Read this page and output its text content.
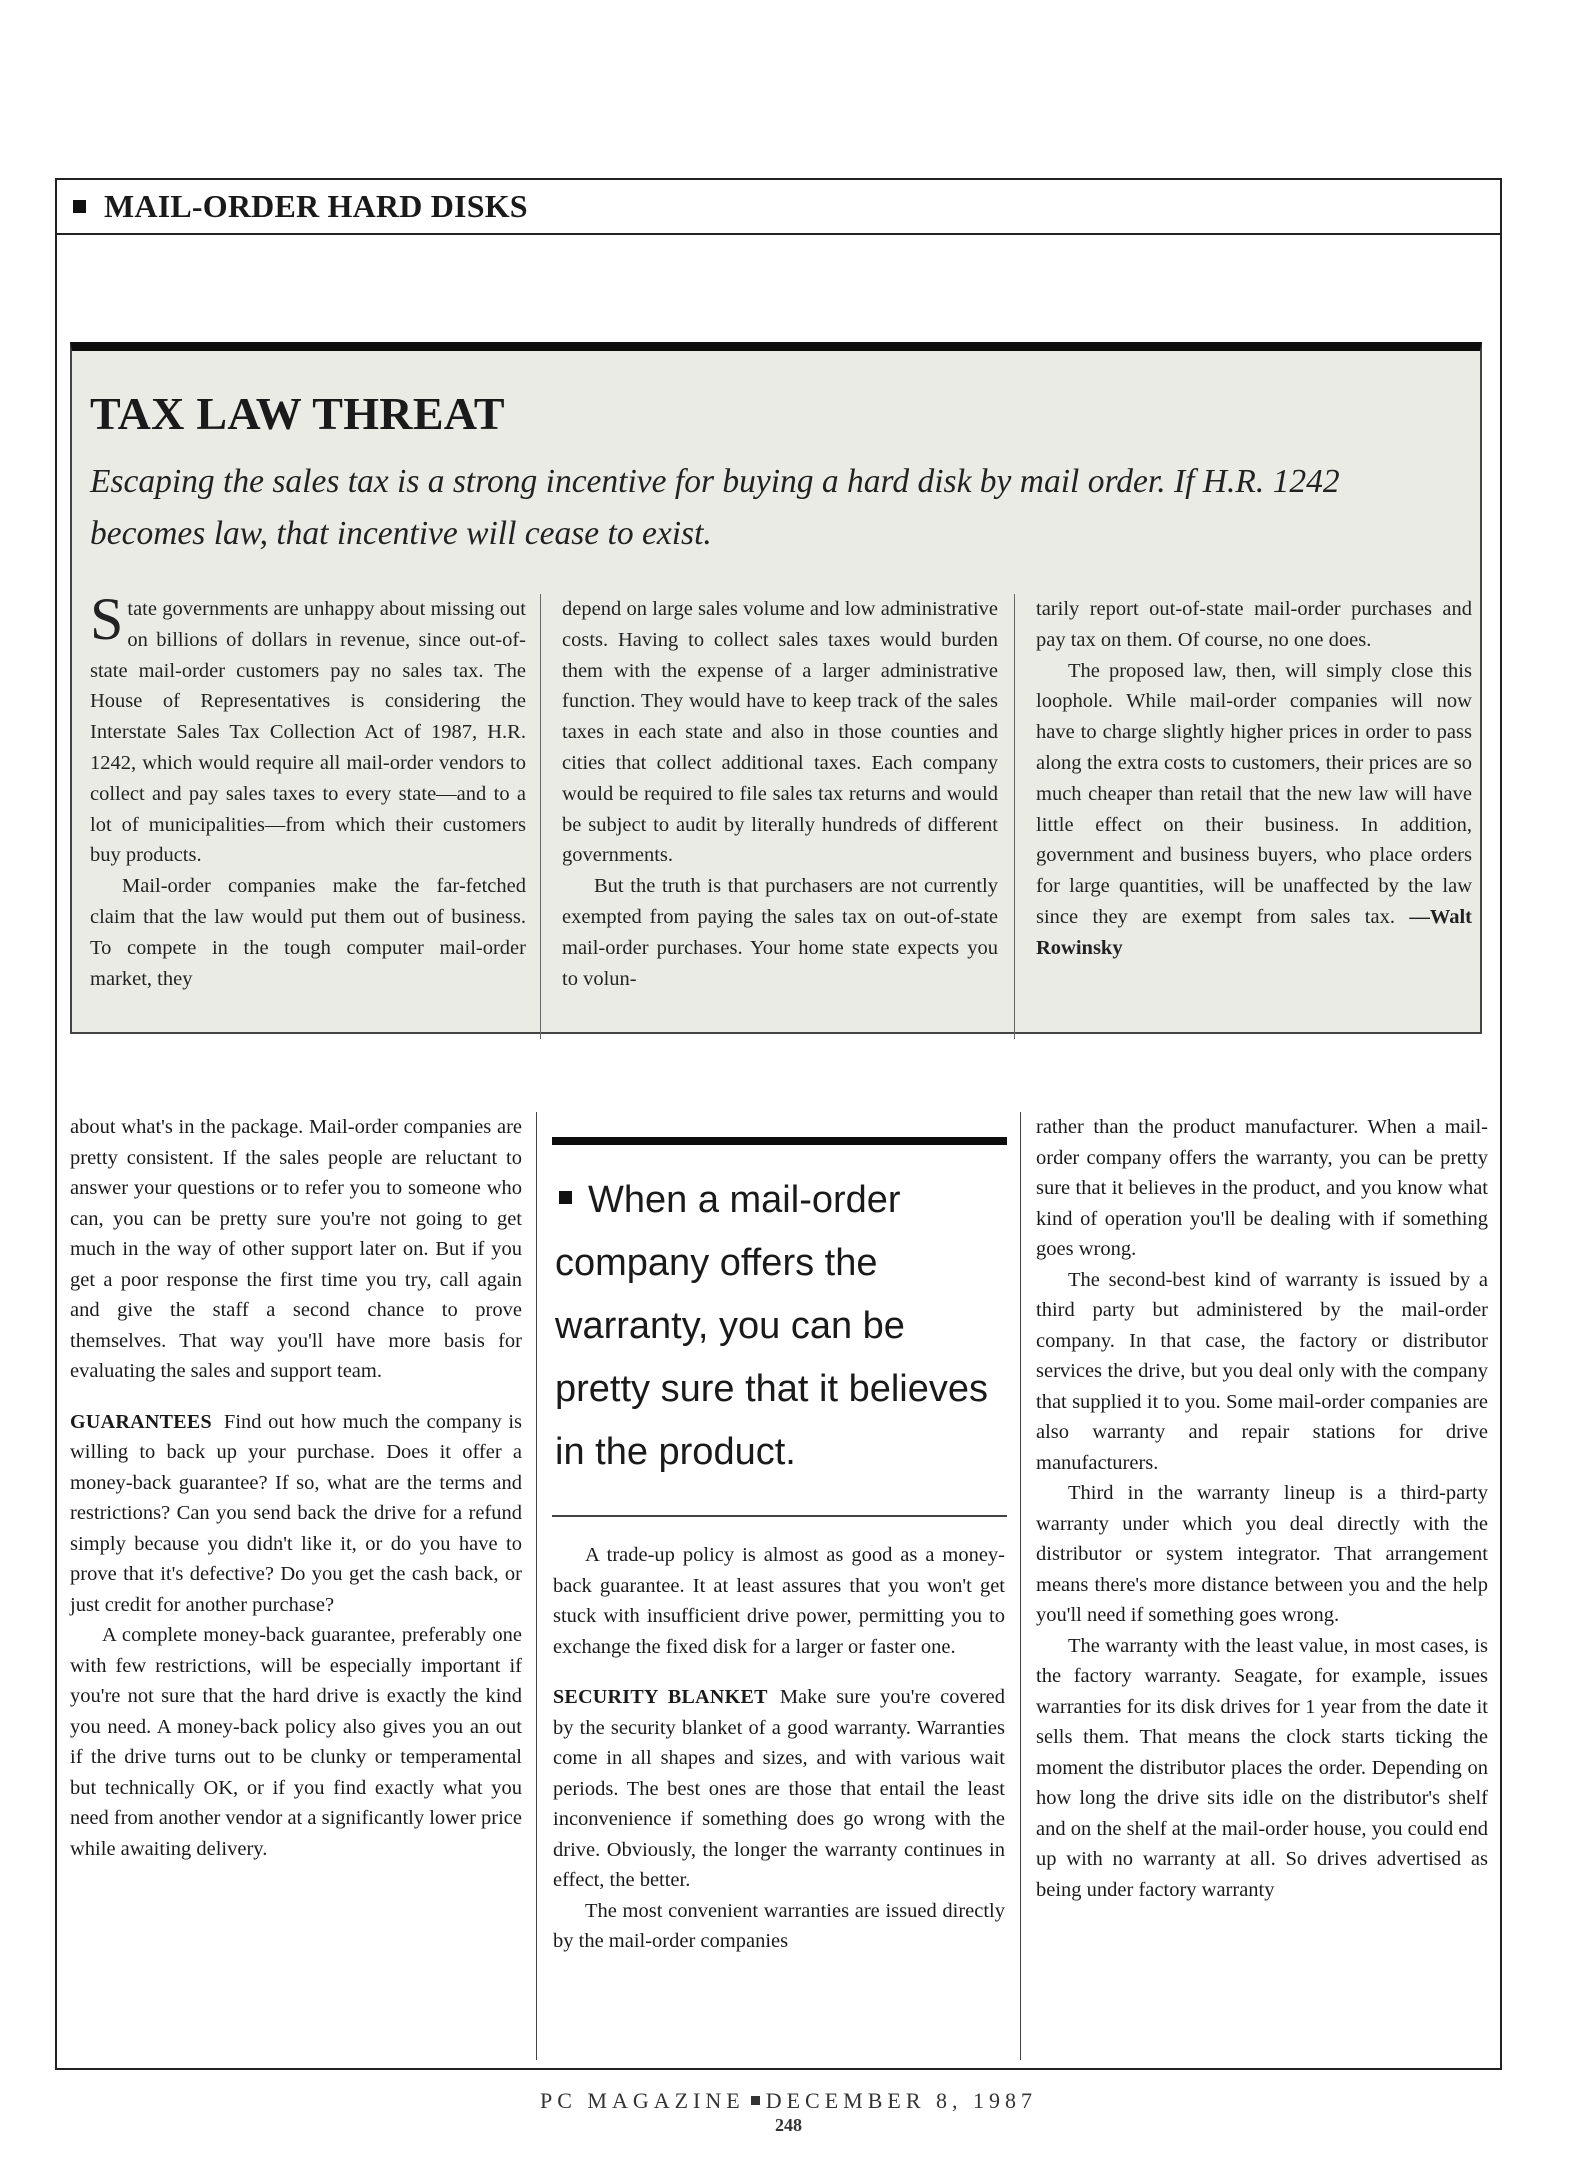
MAIL-ORDER HARD DISKS
TAX LAW THREAT
Escaping the sales tax is a strong incentive for buying a hard disk by mail order. If H.R. 1242 becomes law, that incentive will cease to exist.

State governments are unhappy about missing out on billions of dollars in revenue, since out-of-state mail-order customers pay no sales tax. The House of Representatives is considering the Interstate Sales Tax Collection Act of 1987, H.R. 1242, which would require all mail-order vendors to collect and pay sales taxes to every state—and to a lot of municipalities—from which their customers buy products.

Mail-order companies make the far-fetched claim that the law would put them out of business. To compete in the tough computer mail-order market, they

depend on large sales volume and low administrative costs. Having to collect sales taxes would burden them with the expense of a larger administrative function. They would have to keep track of the sales taxes in each state and also in those counties and cities that collect additional taxes. Each company would be required to file sales tax returns and would be subject to audit by literally hundreds of different governments.

But the truth is that purchasers are not currently exempted from paying the sales tax on out-of-state mail-order purchases. Your home state expects you to volun-

tarily report out-of-state mail-order purchases and pay tax on them. Of course, no one does.

The proposed law, then, will simply close this loophole. While mail-order companies will now have to charge slightly higher prices in order to pass along the extra costs to customers, their prices are so much cheaper than retail that the new law will have little effect on their business. In addition, government and business buyers, who place orders for large quantities, will be unaffected by the law since they are exempt from sales tax. —Walt Rowinsky

about what's in the package. Mail-order companies are pretty consistent. If the sales people are reluctant to answer your questions or to refer you to someone who can, you can be pretty sure you're not going to get much in the way of other support later on. But if you get a poor response the first time you try, call again and give the staff a second chance to prove themselves. That way you'll have more basis for evaluating the sales and support team.

GUARANTEES Find out how much the company is willing to back up your purchase. Does it offer a money-back guarantee? If so, what are the terms and restrictions? Can you send back the drive for a refund simply because you didn't like it, or do you have to prove that it's defective? Do you get the cash back, or just credit for another purchase?

A complete money-back guarantee, preferably one with few restrictions, will be especially important if you're not sure that the hard drive is exactly the kind you need. A money-back policy also gives you an out if the drive turns out to be clunky or temperamental but technically OK, or if you find exactly what you need from another vendor at a significantly lower price while awaiting delivery.

When a mail-order company offers the warranty, you can be pretty sure that it believes in the product.

A trade-up policy is almost as good as a money-back guarantee. It at least assures that you won't get stuck with insufficient drive power, permitting you to exchange the fixed disk for a larger or faster one.

SECURITY BLANKET Make sure you're covered by the security blanket of a good warranty. Warranties come in all shapes and sizes, and with various wait periods. The best ones are those that entail the least inconvenience if something does go wrong with the drive. Obviously, the longer the warranty continues in effect, the better.

The most convenient warranties are issued directly by the mail-order companies

rather than the product manufacturer. When a mail-order company offers the warranty, you can be pretty sure that it believes in the product, and you know what kind of operation you'll be dealing with if something goes wrong.

The second-best kind of warranty is issued by a third party but administered by the mail-order company. In that case, the factory or distributor services the drive, but you deal only with the company that supplied it to you. Some mail-order companies are also warranty and repair stations for drive manufacturers.

Third in the warranty lineup is a third-party warranty under which you deal directly with the distributor or system integrator. That arrangement means there's more distance between you and the help you'll need if something goes wrong.

The warranty with the least value, in most cases, is the factory warranty. Seagate, for example, issues warranties for its disk drives for 1 year from the date it sells them. That means the clock starts ticking the moment the distributor places the order. Depending on how long the drive sits idle on the distributor's shelf and on the shelf at the mail-order house, you could end up with no warranty at all. So drives advertised as being under factory warranty

PC MAGAZINE DECEMBER 8, 1987
248
